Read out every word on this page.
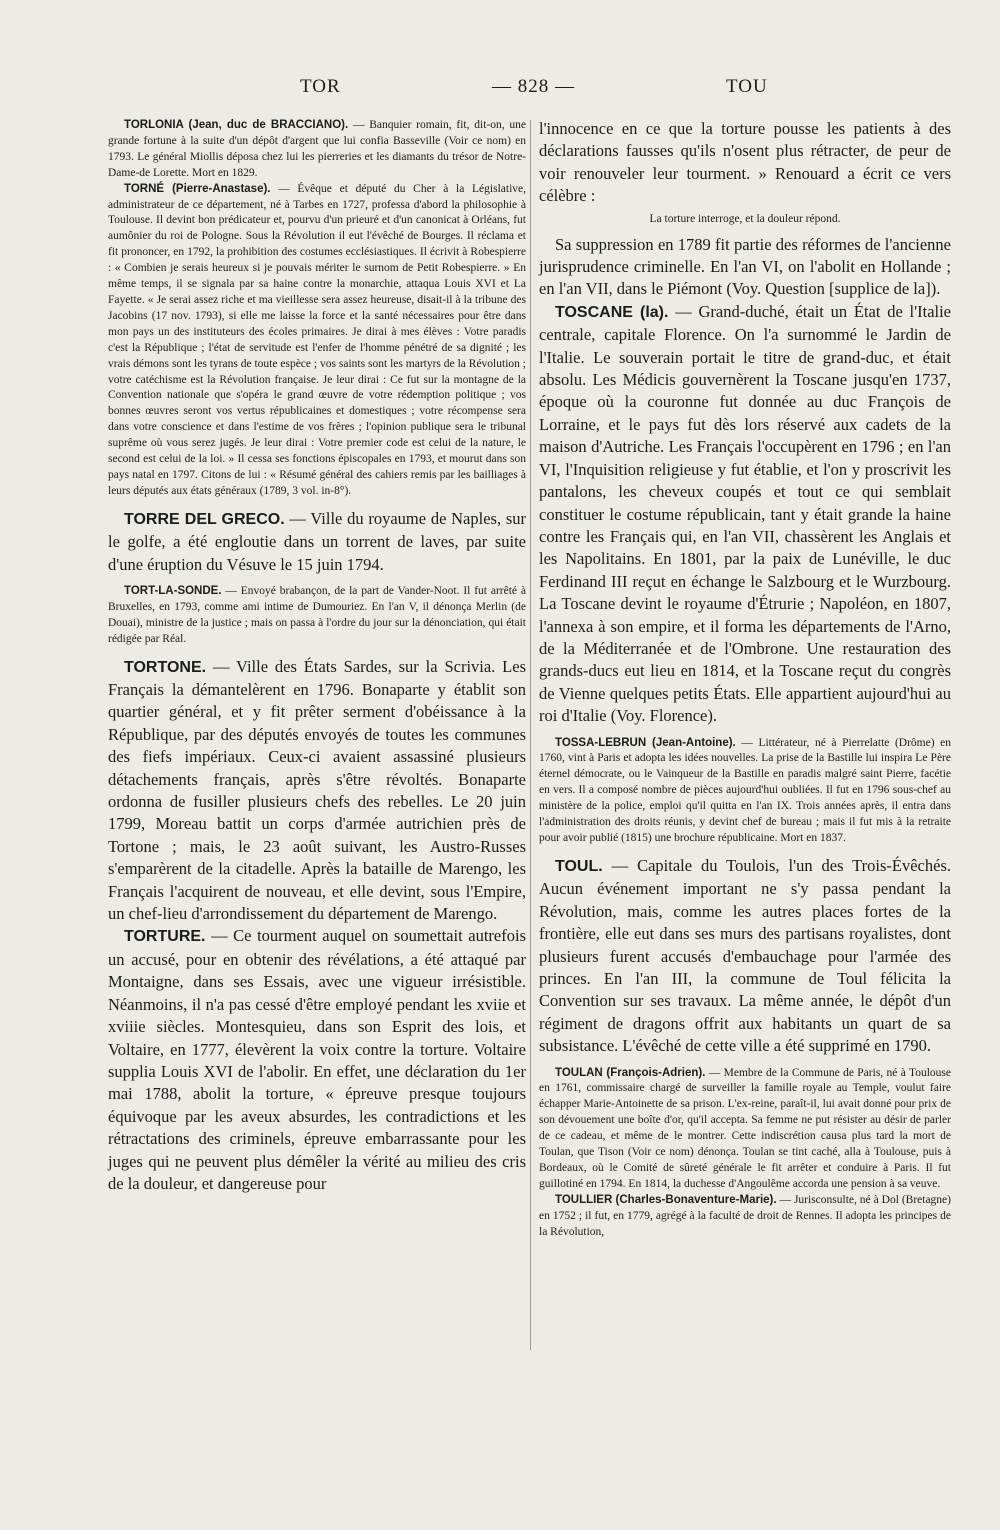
TOR	— 828 —	TOU

TORLONIA (Jean, duc de BRACCIANO). — Banquier romain, fit, dit-on, une grande fortune à la suite d'un dépôt d'argent que lui confia Basseville (Voir ce nom) en 1793. Le général Miollis déposa chez lui les pierreries et les diamants du trésor de Notre-Dame-de Lorette. Mort en 1829.

TORNÉ (Pierre-Anastase). — Évêque et député du Cher à la Législative, administrateur de ce département, né à Tarbes en 1727, professa d'abord la philosophie à Toulouse. Il devint bon prédicateur et, pourvu d'un prieuré et d'un canonicat à Orléans, fut aumônier du roi de Pologne. Sous la Révolution il eut l'évêché de Bourges. Il réclama et fit prononcer, en 1792, la prohibition des costumes ecclésiastiques. Il écrivit à Robespierre : « Combien je serais heureux si je pouvais mériter le surnom de Petit Robespierre. » En même temps, il se signala par sa haine contre la monarchie, attaqua Louis XVI et La Fayette. « Je serai assez riche et ma vieillesse sera assez heureuse, disait-il à la tribune des Jacobins (17 nov. 1793), si elle me laisse la force et la santé nécessaires pour être dans mon pays un des instituteurs des écoles primaires. Je dirai à mes élèves : Votre paradis c'est la République ; l'état de servitude est l'enfer de l'homme pénétré de sa dignité ; les vrais démons sont les tyrans de toute espèce ; vos saints sont les martyrs de la Révolution ; votre catéchisme est la Révolution française. Je leur dirai : Ce fut sur la montagne de la Convention nationale que s'opéra le grand œuvre de votre rédemption politique ; vos bonnes œuvres seront vos vertus républicaines et domestiques ; votre récompense sera dans votre conscience et dans l'estime de vos frères ; l'opinion publique sera le tribunal suprême où vous serez jugés. Je leur dirai : Votre premier code est celui de la nature, le second est celui de la loi. » Il cessa ses fonctions épiscopales en 1793, et mourut dans son pays natal en 1797. Citons de lui : « Résumé général des cahiers remis par les bailliages à leurs députés aux états généraux (1789, 3 vol. in-8°).

TORRE DEL GRECO. — Ville du royaume de Naples, sur le golfe, a été engloutie dans un torrent de laves, par suite d'une éruption du Vésuve le 15 juin 1794.

TORT-LA-SONDE. — Envoyé brabançon, de la part de Vander-Noot. Il fut arrêté à Bruxelles, en 1793, comme ami intime de Dumouriez. En l'an V, il dénonça Merlin (de Douai), ministre de la justice ; mais on passa à l'ordre du jour sur la dénonciation, qui était rédigée par Réal.

TORTONE. — Ville des États Sardes, sur la Scrivia. Les Français la démantelèrent en 1796. Bonaparte y établit son quartier général, et y fit prêter serment d'obéissance à la République, par des députés envoyés de toutes les communes des fiefs impériaux. Ceux-ci avaient assassiné plusieurs détachements français, après s'être révoltés. Bonaparte ordonna de fusiller plusieurs chefs des rebelles. Le 20 juin 1799, Moreau battit un corps d'armée autrichien près de Tortone ; mais, le 23 août suivant, les Austro-Russes s'emparèrent de la citadelle. Après la bataille de Marengo, les Français l'acquirent de nouveau, et elle devint, sous l'Empire, un chef-lieu d'arrondissement du département de Marengo.

TORTURE. — Ce tourment auquel on soumettait autrefois un accusé, pour en obtenir des révélations, a été attaqué par Montaigne, dans ses Essais, avec une vigueur irrésistible. Néanmoins, il n'a pas cessé d'être employé pendant les xviie et xviiie siècles. Montesquieu, dans son Esprit des lois, et Voltaire, en 1777, élevèrent la voix contre la torture. Voltaire supplia Louis XVI de l'abolir. En effet, une déclaration du 1er mai 1788, abolit la torture, « épreuve presque toujours équivoque par les aveux absurdes, les contradictions et les rétractations des criminels, épreuve embarrassante pour les juges qui ne peuvent plus démêler la vérité au milieu des cris de la douleur, et dangereuse pour

l'innocence en ce que la torture pousse les patients à des déclarations fausses qu'ils n'osent plus rétracter, de peur de voir renouveler leur tourment. » Renouard a écrit ce vers célèbre :

La torture interroge, et la douleur répond.

Sa suppression en 1789 fit partie des réformes de l'ancienne jurisprudence criminelle. En l'an VI, on l'abolit en Hollande ; en l'an VII, dans le Piémont (Voy. Question [supplice de la]).

TOSCANE (la). — Grand-duché, était un État de l'Italie centrale, capitale Florence. On l'a surnommé le Jardin de l'Italie. Le souverain portait le titre de grand-duc, et était absolu. Les Médicis gouvernèrent la Toscane jusqu'en 1737, époque où la couronne fut donnée au duc François de Lorraine, et le pays fut dès lors réservé aux cadets de la maison d'Autriche. Les Français l'occupèrent en 1796 ; en l'an VI, l'Inquisition religieuse y fut établie, et l'on y proscrivit les pantalons, les cheveux coupés et tout ce qui semblait constituer le costume républicain, tant y était grande la haine contre les Français qui, en l'an VII, chassèrent les Anglais et les Napolitains. En 1801, par la paix de Lunéville, le duc Ferdinand III reçut en échange le Salzbourg et le Wurzbourg. La Toscane devint le royaume d'Étrurie ; Napoléon, en 1807, l'annexa à son empire, et il forma les départements de l'Arno, de la Méditerranée et de l'Ombrone. Une restauration des grands-ducs eut lieu en 1814, et la Toscane reçut du congrès de Vienne quelques petits États. Elle appartient aujourd'hui au roi d'Italie (Voy. Florence).

TOSSA-LEBRUN (Jean-Antoine). — Littérateur, né à Pierrelatte (Drôme) en 1760, vint à Paris et adopta les idées nouvelles. La prise de la Bastille lui inspira Le Père éternel démocrate, ou le Vainqueur de la Bastille en paradis malgré saint Pierre, facétie en vers. Il a composé nombre de pièces aujourd'hui oubliées. Il fut en 1796 sous-chef au ministère de la police, emploi qu'il quitta en l'an IX. Trois années après, il entra dans l'administration des droits réunis, y devint chef de bureau ; mais il fut mis à la retraite pour avoir publié (1815) une brochure républicaine. Mort en 1837.

TOUL. — Capitale du Toulois, l'un des Trois-Évêchés. Aucun événement important ne s'y passa pendant la Révolution, mais, comme les autres places fortes de la frontière, elle eut dans ses murs des partisans royalistes, dont plusieurs furent accusés d'embauchage pour l'armée des princes. En l'an III, la commune de Toul félicita la Convention sur ses travaux. La même année, le dépôt d'un régiment de dragons offrit aux habitants un quart de sa subsistance. L'évêché de cette ville a été supprimé en 1790.

TOULAN (François-Adrien). — Membre de la Commune de Paris, né à Toulouse en 1761, commissaire chargé de surveiller la famille royale au Temple, voulut faire échapper Marie-Antoinette de sa prison. L'ex-reine, paraît-il, lui avait donné pour prix de son dévouement une boîte d'or, qu'il accepta. Sa femme ne put résister au désir de parler de ce cadeau, et même de le montrer. Cette indiscrétion causa plus tard la mort de Toulan, que Tison (Voir ce nom) dénonça. Toulan se tint caché, alla à Toulouse, puis à Bordeaux, où le Comité de sûreté générale le fit arrêter et conduire à Paris. Il fut guillotiné en 1794. En 1814, la duchesse d'Angoulême accorda une pension à sa veuve.

TOULLIER (Charles-Bonaventure-Marie). — Jurisconsulte, né à Dol (Bretagne) en 1752 ; il fut, en 1779, agrégé à la faculté de droit de Rennes. Il adopta les principes de la Révolution,
